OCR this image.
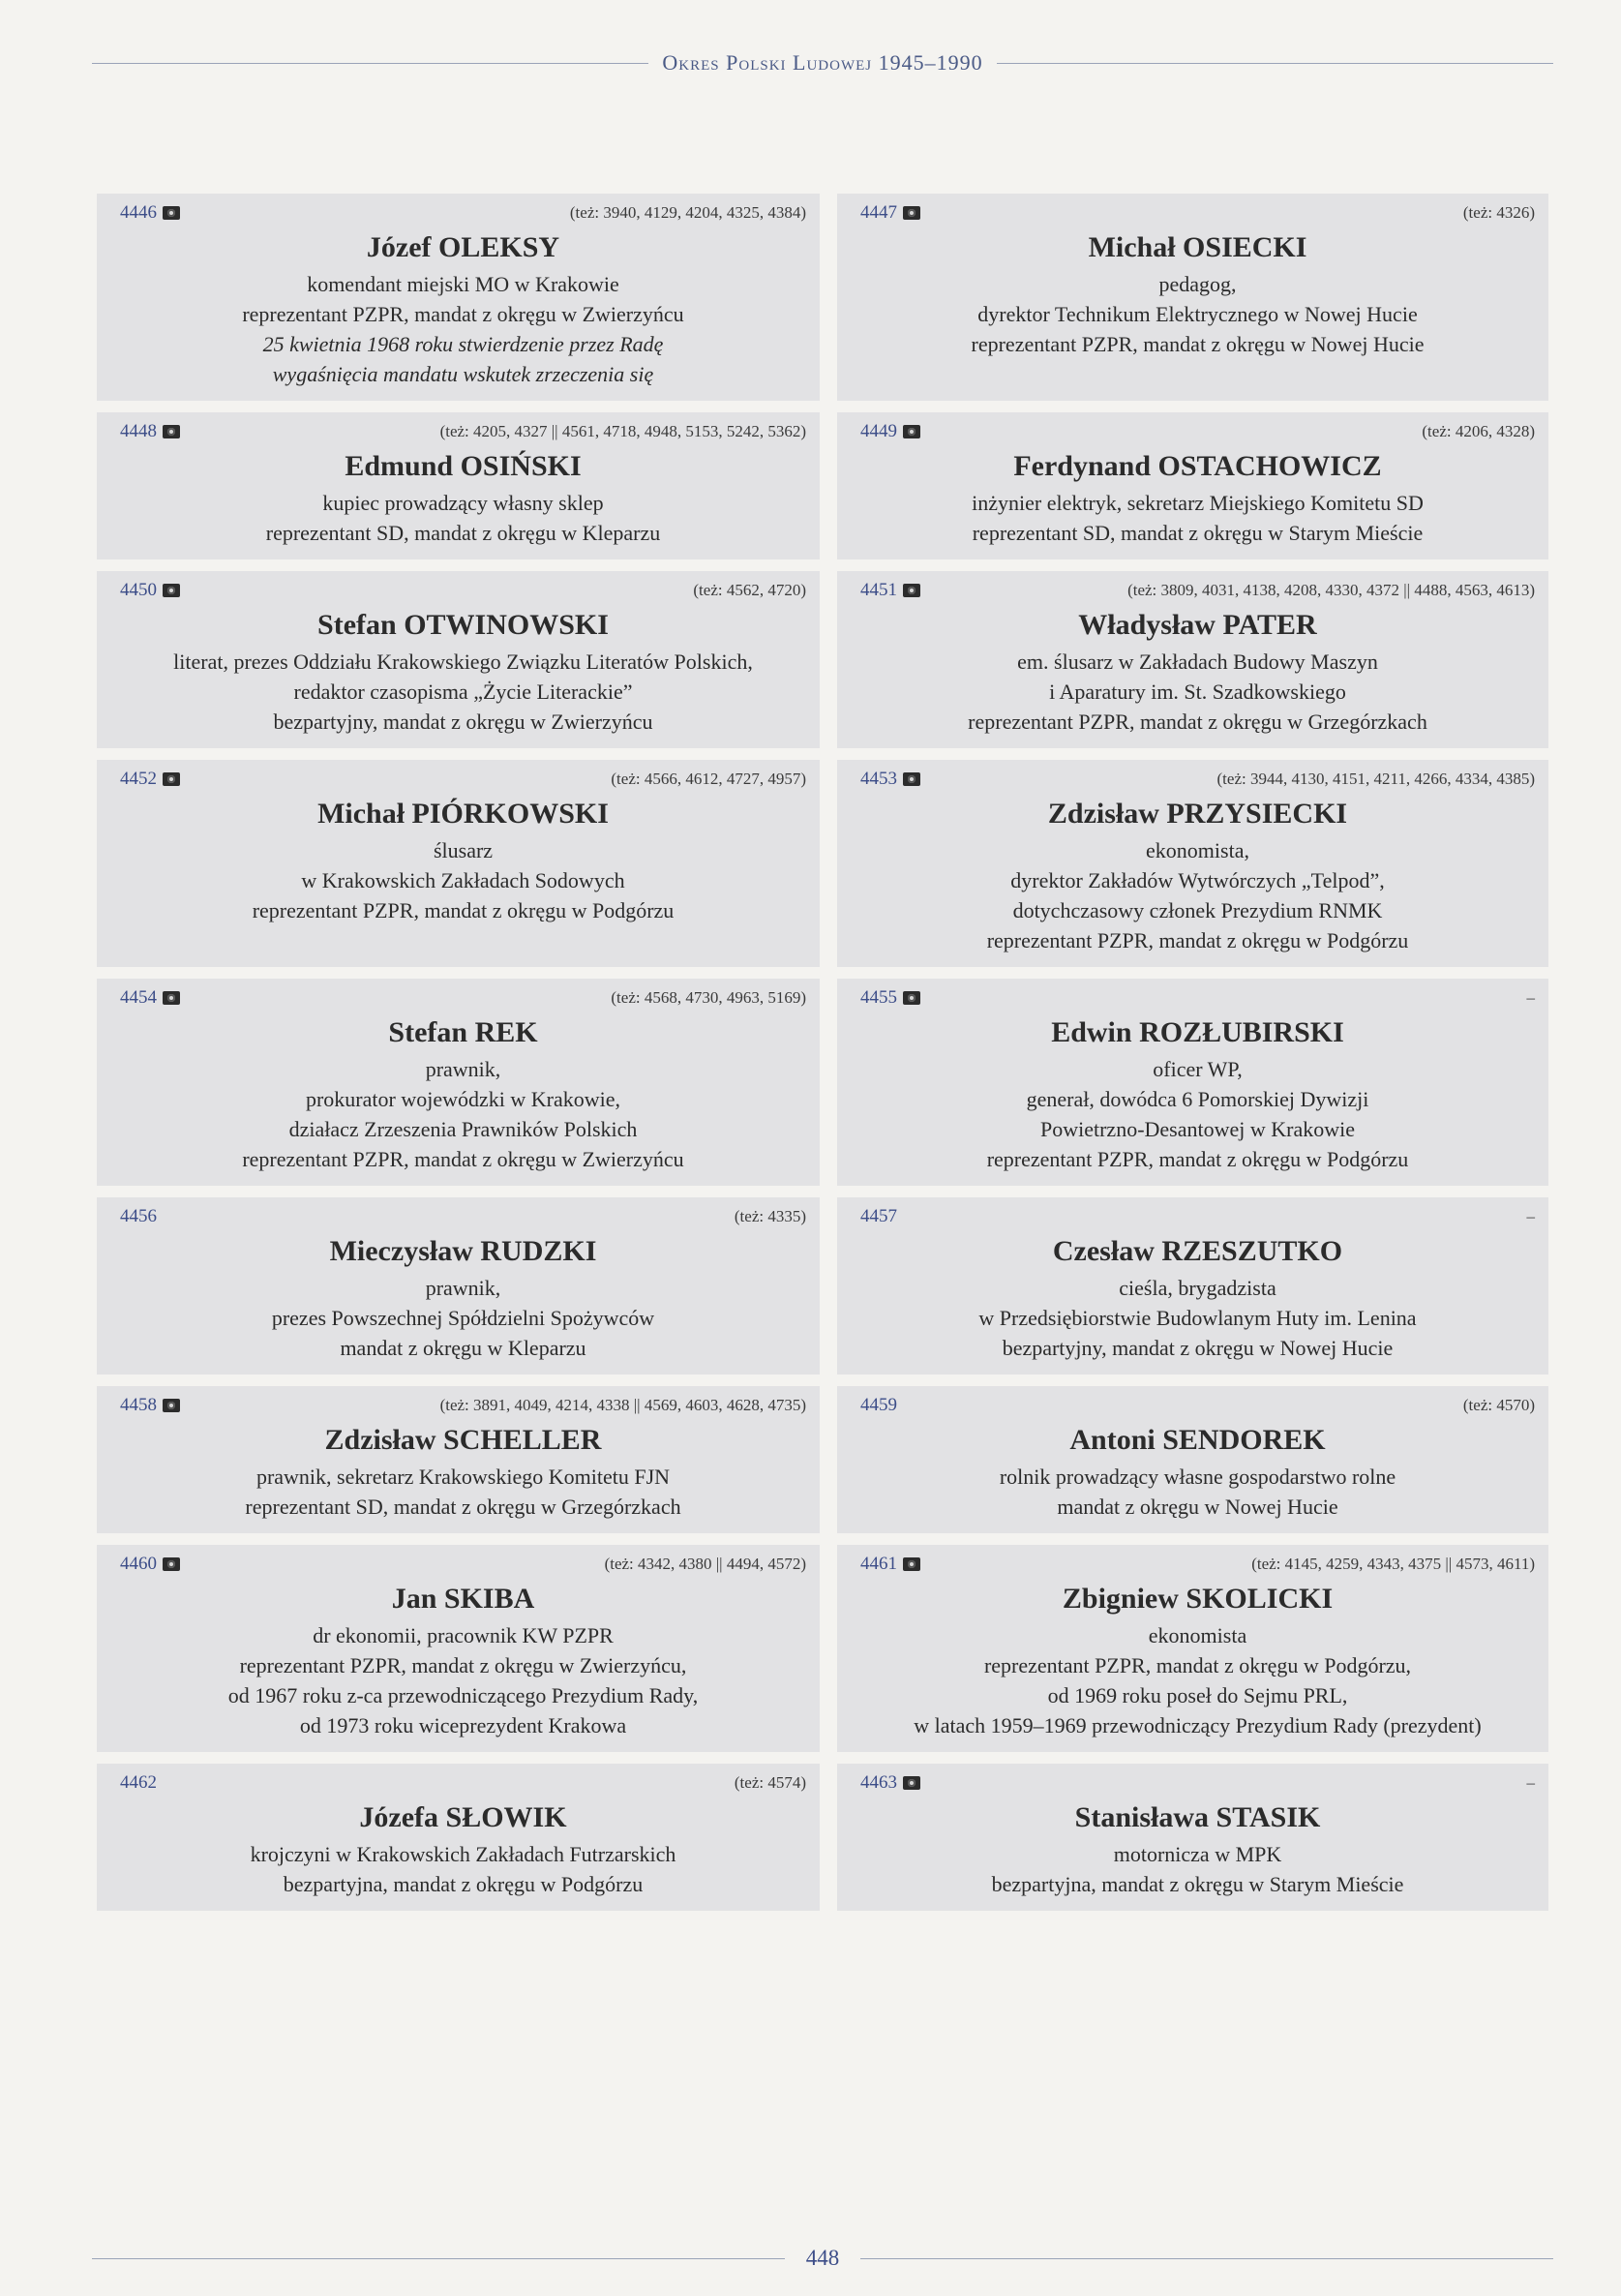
Okres Polski Ludowej 1945–1990
4446	(też: 3940, 4129, 4204, 4325, 4384)
Józef OLEKSY
komendant miejski MO w Krakowie
reprezentant PZPR, mandat z okręgu w Zwierzyńcu
25 kwietnia 1968 roku stwierdzenie przez Radę
wygaśnięcia mandatu wskutek zrzeczenia się
4447	(też: 4326)
Michał OSIECKI
pedagog,
dyrektor Technikum Elektrycznego w Nowej Hucie
reprezentant PZPR, mandat z okręgu w Nowej Hucie
4448	(też: 4205, 4327 || 4561, 4718, 4948, 5153, 5242, 5362)
Edmund OSIŃSKI
kupiec prowadzący własny sklep
reprezentant SD, mandat z okręgu w Kleparzu
4449	(też: 4206, 4328)
Ferdynand OSTACHOWICZ
inżynier elektryk, sekretarz Miejskiego Komitetu SD
reprezentant SD, mandat z okręgu w Starym Mieście
4450	(też: 4562, 4720)
Stefan OTWINOWSKI
literat, prezes Oddziału Krakowskiego Związku Literatów Polskich,
redaktor czasopisma „Życie Literackie”
bezpartyjny, mandat z okręgu w Zwierzyńcu
4451	(też: 3809, 4031, 4138, 4208, 4330, 4372 || 4488, 4563, 4613)
Władysław PATER
em. ślusarz w Zakładach Budowy Maszyn
i Aparatury im. St. Szadkowskiego
reprezentant PZPR, mandat z okręgu w Grzegórzkach
4452	(też: 4566, 4612, 4727, 4957)
Michał PIÓRKOWSKI
ślusarz
w Krakowskich Zakładach Sodowych
reprezentant PZPR, mandat z okręgu w Podgórzu
4453	(też: 3944, 4130, 4151, 4211, 4266, 4334, 4385)
Zdzisław PRZYSIECKI
ekonomista,
dyrektor Zakładów Wytwórczych „Telpod”,
dotychczasowy członek Prezydium RNMK
reprezentant PZPR, mandat z okręgu w Podgórzu
4454	(też: 4568, 4730, 4963, 5169)
Stefan REK
prawnik,
prokurator wojewódzki w Krakowie,
działacz Zrzeszenia Prawników Polskich
reprezentant PZPR, mandat z okręgu w Zwierzyńcu
4455	–
Edwin ROZŁUBIRSKI
oficer WP,
generał, dowódca 6 Pomorskiej Dywizji
Powietrzno-Desantowej w Krakowie
reprezentant PZPR, mandat z okręgu w Podgórzu
4456	(też: 4335)
Mieczysław RUDZKI
prawnik,
prezes Powszechnej Spółdzielni Spożywców
mandat z okręgu w Kleparzu
4457	–
Czesław RZESZUTKO
cieśla, brygadzista
w Przedsiębiorstwie Budowlanym Huty im. Lenina
bezpartyjny, mandat z okręgu w Nowej Hucie
4458	(też: 3891, 4049, 4214, 4338 || 4569, 4603, 4628, 4735)
Zdzisław SCHELLER
prawnik, sekretarz Krakowskiego Komitetu FJN
reprezentant SD, mandat z okręgu w Grzegórzkach
4459	(też: 4570)
Antoni SENDOREK
rolnik prowadzący własne gospodarstwo rolne
mandat z okręgu w Nowej Hucie
4460	(też: 4342, 4380 || 4494, 4572)
Jan SKIBA
dr ekonomii, pracownik KW PZPR
reprezentant PZPR, mandat z okręgu w Zwierzyńcu,
od 1967 roku z-ca przewodniczącego Prezydium Rady,
od 1973 roku wiceprezydent Krakowa
4461	(też: 4145, 4259, 4343, 4375 || 4573, 4611)
Zbigniew SKOLICKI
ekonomista
reprezentant PZPR, mandat z okręgu w Podgórzu,
od 1969 roku poseł do Sejmu PRL,
w latach 1959–1969 przewodniczący Prezydium Rady (prezydent)
4462	(też: 4574)
Józefa SŁOWIK
krojczyni w Krakowskich Zakładach Futrzarskich
bezpartyjna, mandat z okręgu w Podgórzu
4463	–
Stanisława STASIK
motornicza w MPK
bezpartyjna, mandat z okręgu w Starym Mieście
448
